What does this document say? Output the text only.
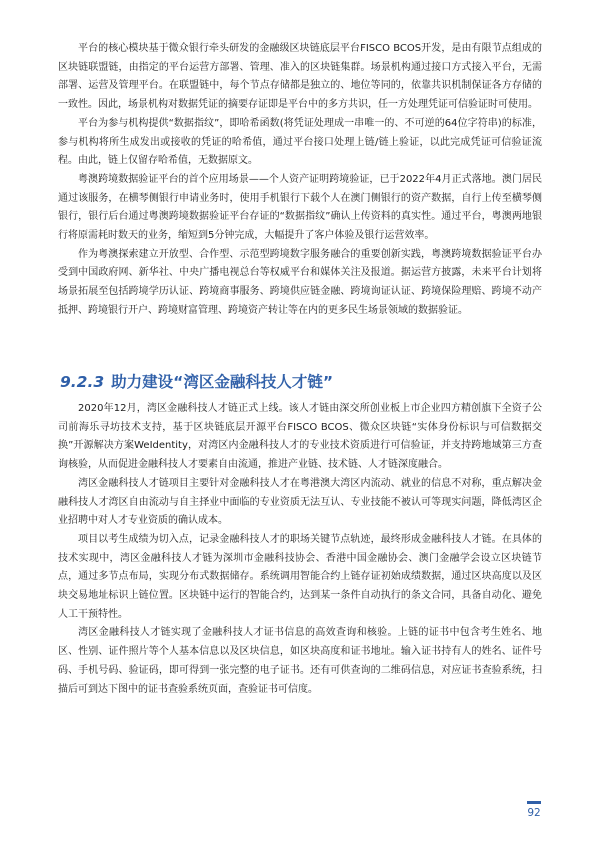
平台的核心模块基于微众银行牵头研发的金融级区块链底层平台FISCO BCOS开发，是由有限节点组成的区块链联盟链，由指定的平台运营方部署、管理、准入的区块链集群。场景机构通过接口方式接入平台，无需部署、运营及管理平台。在联盟链中，每个节点存储都是独立的、地位等同的，依靠共识机制保证各方存储的一致性。因此，场景机构对数据凭证的摘要存证即是平台中的多方共识，任一方处理凭证可信验证时可使用。

平台为参与机构提供“数据指纹”，即哈希函数(将凭证处理成一串唯一的、不可逆的64位字符串)的标准，参与机构将所生成发出或接收的凭证的哈希值，通过平台接口处理上链/链上验证，以此完成凭证可信验证流程。由此，链上仅留存哈希值，无数据原文。

粤澳跨境数据验证平台的首个应用场景——个人资产证明跨境验证，已于2022年4月正式落地。澳门居民通过该服务，在横琴侧银行申请业务时，使用手机银行下载个人在澳门侧银行的资产数据，自行上传至横琴侧银行，银行后台通过粤澳跨境数据验证平台存证的“数据指纹”确认上传资料的真实性。通过平台，粤澳两地银行将原需耗时数天的业务，缩短到5分钟完成，大幅提升了客户体验及银行运营效率。

作为粤澳探索建立开放型、合作型、示范型跨境数字服务融合的重要创新实践，粤澳跨境数据验证平台办受到中国政府网、新华社、中央广播电视总台等权威平台和媒体关注及报道。据运营方披露，未来平台计划将场景拓展至包括跨境学历认证、跨境商事服务、跨境供应链金融、跨境询证认证、跨境保险理赔、跨境不动产抵押、跨境银行开户、跨境财富管理、跨境资产转让等在内的更多民生场景领域的数据验证。

9.2.3 助力建设“湾区金融科技人才链”

2020年12月，湾区金融科技人才链正式上线。该人才链由深交所创业板上市企业四方精创旗下全资子公司前海乐寻坊技术支持，基于区块链底层开源平台FISCO BCOS、微众区块链“实体身份标识与可信数据交换”开源解决方案WeIdentity，对湾区内金融科技人才的专业技术资质进行可信验证，并支持跨地域第三方查询核验，从而促进金融科技人才要素自由流通，推进产业链、技术链、人才链深度融合。

湾区金融科技人才链项目主要针对金融科技人才在粤港澳大湾区内流动、就业的信息不对称，重点解决金融科技人才湾区自由流动与自主择业中面临的专业资质无法互认、专业技能不被认可等现实问题，降低湾区企业招聘中对人才专业资质的确认成本。

项目以考生成绩为切入点，记录金融科技人才的职场关键节点轨迹，最终形成金融科技人才链。在具体的技术实现中，湾区金融科技人才链为深圳市金融科技协会、香港中国金融协会、澳门金融学会设立区块链节点，通过多节点布局，实现分布式数据储存。系统调用智能合约上链存证初始成绩数据，通过区块高度以及区块交易地址标识上链位置。区块链中运行的智能合约，达到某一条件自动执行的条文合同，具备自动化、避免人工干预特性。

湾区金融科技人才链实现了金融科技人才证书信息的高效查询和核验。上链的证书中包含考生姓名、地区、性别、证件照片等个人基本信息以及区块信息，如区块高度和证书地址。输入证书持有人的姓名、证件号码、手机号码、验证码，即可得到一张完整的电子证书。还有可供查询的二维码信息，对应证书查验系统，扫描后可到达下图中的证书查验系统页面，查验证书可信度。

92
